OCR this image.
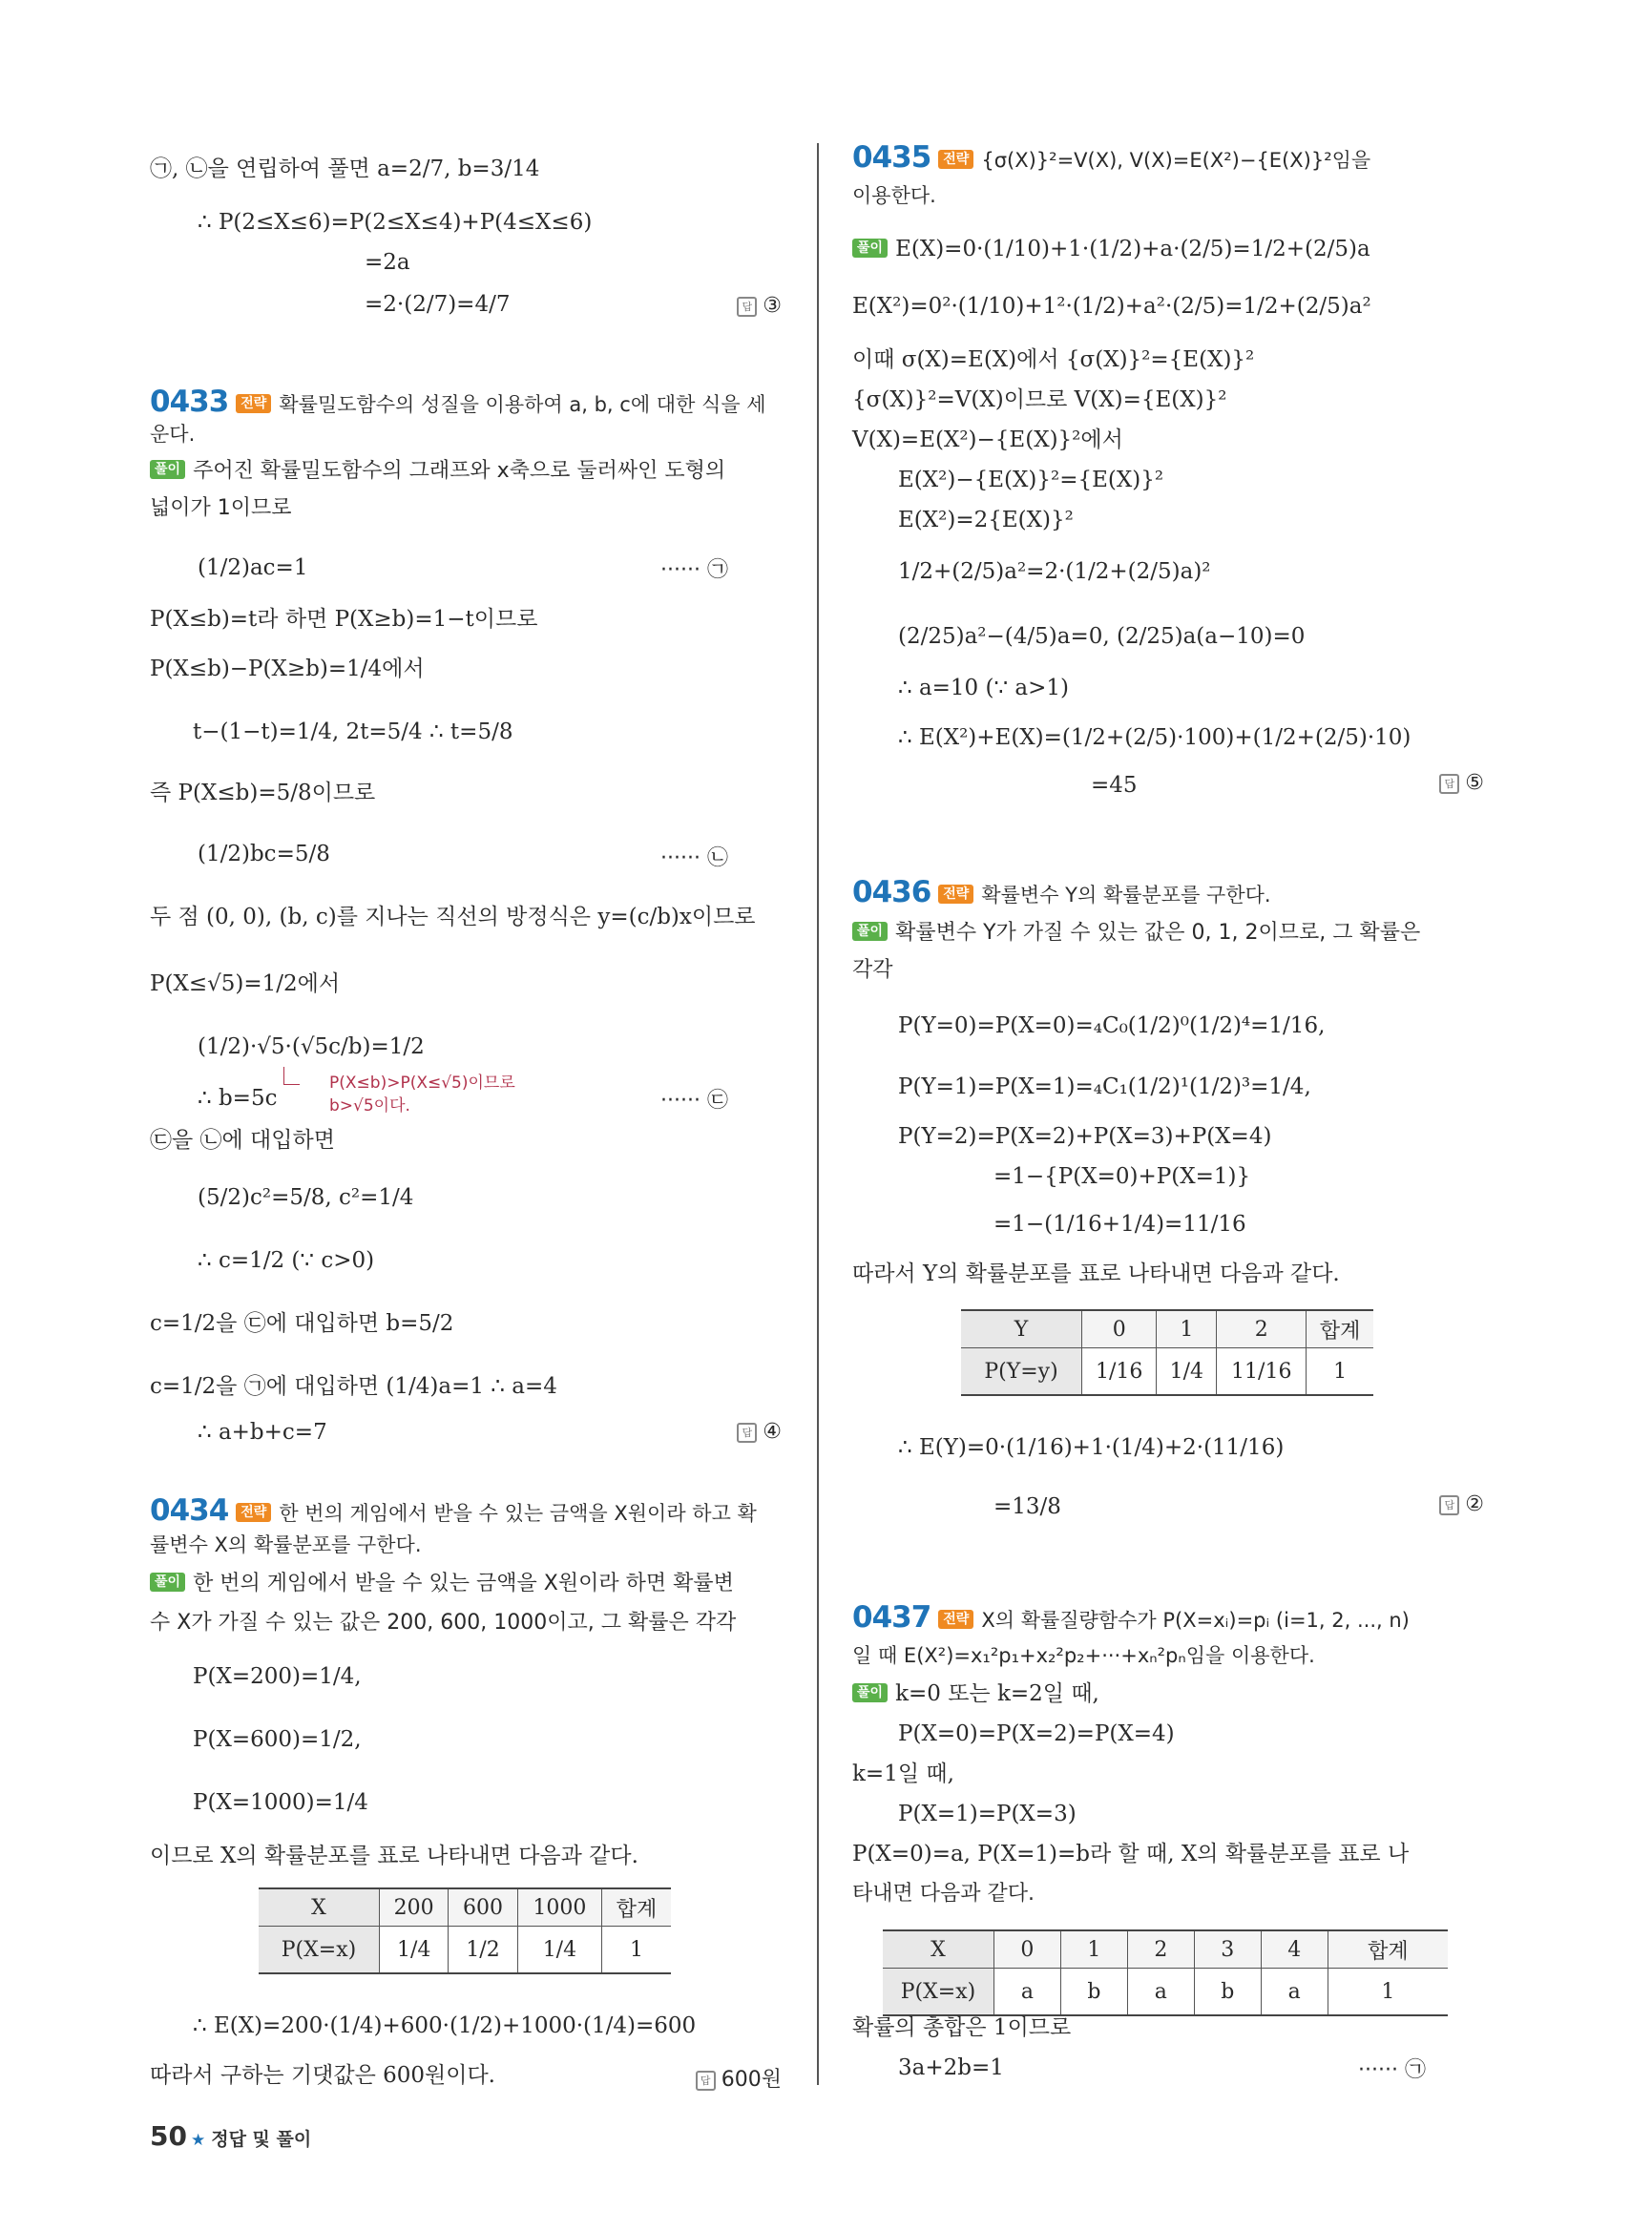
㉠, ㉡을 연립하여 풀면 a=2/7, b=3/14
∴ P(2≤X≤6)=P(2≤X≤4)+P(4≤X≤6)
=2a
=2·(2/7)=4/7	답 ③
0433 전략 확률밀도함수의 성질을 이용하여 a, b, c에 대한 식을 세
운다.
풀이 주어진 확률밀도함수의 그래프와 x축으로 둘러싸인 도형의
넓이가 1이므로
(1/2)ac=1	······ ㉠
P(X≤b)=t라 하면 P(X≥b)=1−t이므로
P(X≤b)−P(X≥b)=1/4에서
t−(1−t)=1/4, 2t=5/4 ∴ t=5/8
즉 P(X≤b)=5/8이므로
(1/2)bc=5/8	······ ㉡
두 점 (0, 0), (b, c)를 지나는 직선의 방정식은 y=(c/b)x이므로
P(X≤√5)=1/2에서
(1/2)·√5·(√5c/b)=1/2
P(X≤b)>P(X≤√5)이므로
b>√5이다.
∴ b=5c	······ ㉢
㉢을 ㉡에 대입하면
(5/2)c²=5/8, c²=1/4
∴ c=1/2 (∵ c>0)
c=1/2을 ㉢에 대입하면 b=5/2
c=1/2을 ㉠에 대입하면 (1/4)a=1 ∴ a=4
∴ a+b+c=7	답 ④
0434 전략 한 번의 게임에서 받을 수 있는 금액을 X원이라 하고 확
률변수 X의 확률분포를 구한다.
풀이 한 번의 게임에서 받을 수 있는 금액을 X원이라 하면 확률변
수 X가 가질 수 있는 값은 200, 600, 1000이고, 그 확률은 각각
P(X=200)=1/4,
P(X=600)=1/2,
P(X=1000)=1/4
이므로 X의 확률분포를 표로 나타내면 다음과 같다.
X	200	600	1000	합계
P(X=x)	1/4	1/2	1/4	1
∴ E(X)=200·(1/4)+600·(1/2)+1000·(1/4)=600
따라서 구하는 기댓값은 600원이다.	답 600원
0435 전략 {σ(X)}²=V(X), V(X)=E(X²)−{E(X)}²임을
이용한다.
풀이 E(X)=0·(1/10)+1·(1/2)+a·(2/5)=1/2+(2/5)a
E(X²)=0²·(1/10)+1²·(1/2)+a²·(2/5)=1/2+(2/5)a²
이때 σ(X)=E(X)에서 {σ(X)}²={E(X)}²
{σ(X)}²=V(X)이므로 V(X)={E(X)}²
V(X)=E(X²)−{E(X)}²에서
E(X²)−{E(X)}²={E(X)}²
E(X²)=2{E(X)}²
1/2+(2/5)a²=2·(1/2+(2/5)a)²
(2/25)a²−(4/5)a=0, (2/25)a(a−10)=0
∴ a=10 (∵ a>1)
∴ E(X²)+E(X)=(1/2+(2/5)·100)+(1/2+(2/5)·10)
=45	답 ⑤
0436 전략 확률변수 Y의 확률분포를 구한다.
풀이 확률변수 Y가 가질 수 있는 값은 0, 1, 2이므로, 그 확률은
각각
P(Y=0)=P(X=0)=₄C₀(1/2)⁰(1/2)⁴=1/16,
P(Y=1)=P(X=1)=₄C₁(1/2)¹(1/2)³=1/4,
P(Y=2)=P(X=2)+P(X=3)+P(X=4)
=1−{P(X=0)+P(X=1)}
=1−(1/16+1/4)=11/16
따라서 Y의 확률분포를 표로 나타내면 다음과 같다.
Y	0	1	2	합계
P(Y=y)	1/16	1/4	11/16	1
∴ E(Y)=0·(1/16)+1·(1/4)+2·(11/16)
=13/8	답 ②
0437 전략 X의 확률질량함수가 P(X=xᵢ)=pᵢ (i=1, 2, ..., n)
일 때 E(X²)=x₁²p₁+x₂²p₂+···+xₙ²pₙ임을 이용한다.
풀이 k=0 또는 k=2일 때,
P(X=0)=P(X=2)=P(X=4)
k=1일 때,
P(X=1)=P(X=3)
P(X=0)=a, P(X=1)=b라 할 때, X의 확률분포를 표로 나
타내면 다음과 같다.
X	0	1	2	3	4	합계
P(X=x)	a	b	a	b	a	1
확률의 총합은 1이므로
3a+2b=1	······ ㉠
50 ★ 정답 및 풀이
